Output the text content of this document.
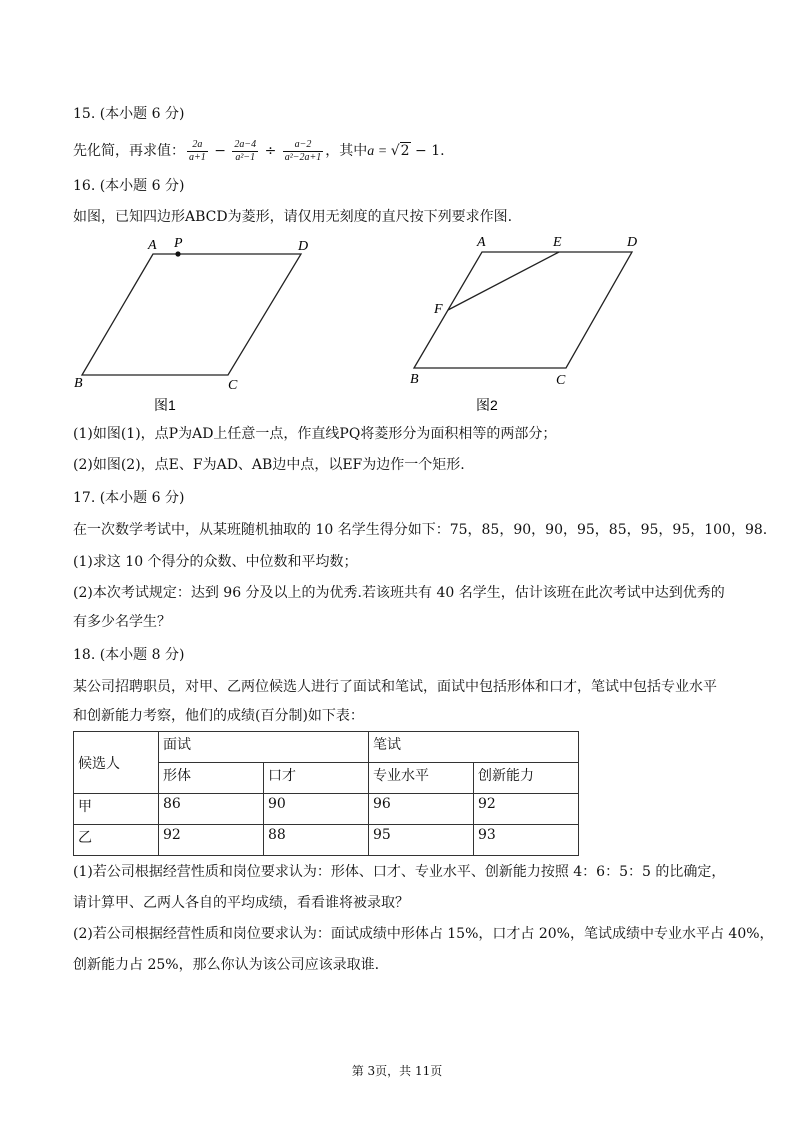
15. (本小题 6 分)
先化简，再求值： $\frac{2a}{a+1} - \frac{2a-4}{\text{a²−1}} \div \frac{a-2}{\text{a²−2a+1}}$ ，其中a = √2 − 1.
16. (本小题 6 分)
如图，已知四边形ABCD为菱形，请仅用无刻度的直尺按下列要求作图.
A P	D
B	C
图1
A	E	D
F
B	C
图2
(1)如图(1)，点P为AD上任意一点，作直线PQ将菱形分为面积相等的两部分；
(2)如图(2)，点E、F为AD、AB边中点，以EF为边作一个矩形.
17. (本小题 6 分)
在一次数学考试中，从某班随机抽取的 10 名学生得分如下：75，85，90，90，95，85，95，95，100，98.
(1)求这 10 个得分的众数、中位数和平均数；
(2)本次考试规定：达到 96 分及以上的为优秀.若该班共有 40 名学生，估计该班在此次考试中达到优秀的
有多少名学生？
18. (本小题 8 分)
某公司招聘职员，对甲、乙两位候选人进行了面试和笔试，面试中包括形体和口才，笔试中包括专业水平
和创新能力考察，他们的成绩(百分制)如下表：
候选人	面试		笔试	
	形体	口才	专业水平	创新能力
甲	86	90	96	92
乙	92	88	95	93
(1)若公司根据经营性质和岗位要求认为：形体、口才、专业水平、创新能力按照 4：6：5：5 的比确定，
请计算甲、乙两人各自的平均成绩，看看谁将被录取？
(2)若公司根据经营性质和岗位要求认为：面试成绩中形体占 15%，口才占 20%，笔试成绩中专业水平占 40%，
创新能力占 25%，那么你认为该公司应该录取谁.
第 3页，共 11页
